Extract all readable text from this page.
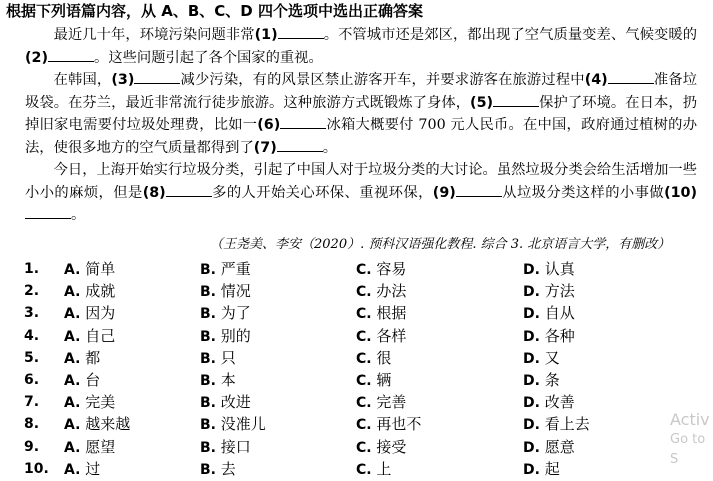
根据下列语篇内容，从 A、B、C、D 四个选项中选出正确答案

最近几十年，环境污染问题非常(1)	。不管城市还是郊区，都出现了空气质量变差、气候变暖的(2)	。这些问题引起了各个国家的重视。

在韩国，(3)	减少污染，有的风景区禁止游客开车，并要求游客在旅游过程中(4)	准备垃圾袋。在芬兰，最近非常流行徒步旅游。这种旅游方式既锻炼了身体，(5)	保护了环境。在日本，扔掉旧家电需要付垃圾处理费，比如一(6)	冰箱大概要付 700 元人民币。在中国，政府通过植树的办法，使很多地方的空气质量都得到了(7)	。

今日，上海开始实行垃圾分类，引起了中国人对于垃圾分类的大讨论。虽然垃圾分类会给生活增加一些小小的麻烦，但是(8)	多的人开始关心环保、重视环保，(9)	从垃圾分类这样的小事做(10)。

（王尧美、李安（2020）. 预科汉语强化教程. 综合 3. 北京语言大学，有删改）
1. A. 简单	B. 严重	C. 容易	D. 认真
2. A. 成就	B. 情况	C. 办法	D. 方法
3. A. 因为	B. 为了	C. 根据	D. 自从
4. A. 自己	B. 别的	C. 各样	D. 各种
5. A. 都	B. 只	C. 很	D. 又
6. A. 台	B. 本	C. 辆	D. 条
7. A. 完美	B. 改进	C. 完善	D. 改善
8. A. 越来越	B. 没准儿	C. 再也不	D. 看上去
9. A. 愿望	B. 接口	C. 接受	D. 愿意
10. A. 过	B. 去	C. 上	D. 起
Activ
Go to S
